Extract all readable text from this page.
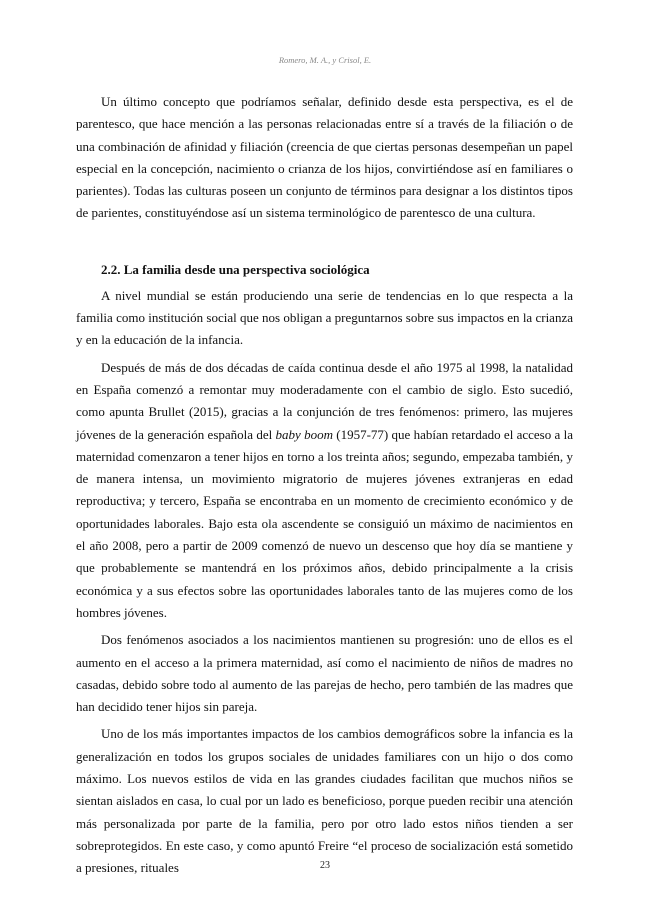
Romero, M. A., y Crisol, E.

Un último concepto que podríamos señalar, definido desde esta perspectiva, es el de parentesco, que hace mención a las personas relacionadas entre sí a través de la filiación o de una combinación de afinidad y filiación (creencia de que ciertas personas desempeñan un papel especial en la concepción, nacimiento o crianza de los hijos, convirtiéndose así en familiares o parientes). Todas las culturas poseen un conjunto de términos para designar a los distintos tipos de parientes, constituyéndose así un sistema terminológico de parentesco de una cultura.

2.2. La familia desde una perspectiva sociológica

A nivel mundial se están produciendo una serie de tendencias en lo que respecta a la familia como institución social que nos obligan a preguntarnos sobre sus impactos en la crianza y en la educación de la infancia.

Después de más de dos décadas de caída continua desde el año 1975 al 1998, la natalidad en España comenzó a remontar muy moderadamente con el cambio de siglo. Esto sucedió, como apunta Brullet (2015), gracias a la conjunción de tres fenómenos: primero, las mujeres jóvenes de la generación española del baby boom (1957-77) que habían retardado el acceso a la maternidad comenzaron a tener hijos en torno a los treinta años; segundo, empezaba también, y de manera intensa, un movimiento migratorio de mujeres jóvenes extranjeras en edad reproductiva; y tercero, España se encontraba en un momento de crecimiento económico y de oportunidades laborales. Bajo esta ola ascendente se consiguió un máximo de nacimientos en el año 2008, pero a partir de 2009 comenzó de nuevo un descenso que hoy día se mantiene y que probablemente se mantendrá en los próximos años, debido principalmente a la crisis económica y a sus efectos sobre las oportunidades laborales tanto de las mujeres como de los hombres jóvenes.

Dos fenómenos asociados a los nacimientos mantienen su progresión: uno de ellos es el aumento en el acceso a la primera maternidad, así como el nacimiento de niños de madres no casadas, debido sobre todo al aumento de las parejas de hecho, pero también de las madres que han decidido tener hijos sin pareja.

Uno de los más importantes impactos de los cambios demográficos sobre la infancia es la generalización en todos los grupos sociales de unidades familiares con un hijo o dos como máximo. Los nuevos estilos de vida en las grandes ciudades facilitan que muchos niños se sientan aislados en casa, lo cual por un lado es beneficioso, porque pueden recibir una atención más personalizada por parte de la familia, pero por otro lado estos niños tienden a ser sobreprotegidos. En este caso, y como apuntó Freire “el proceso de socialización está sometido a presiones, rituales	23
